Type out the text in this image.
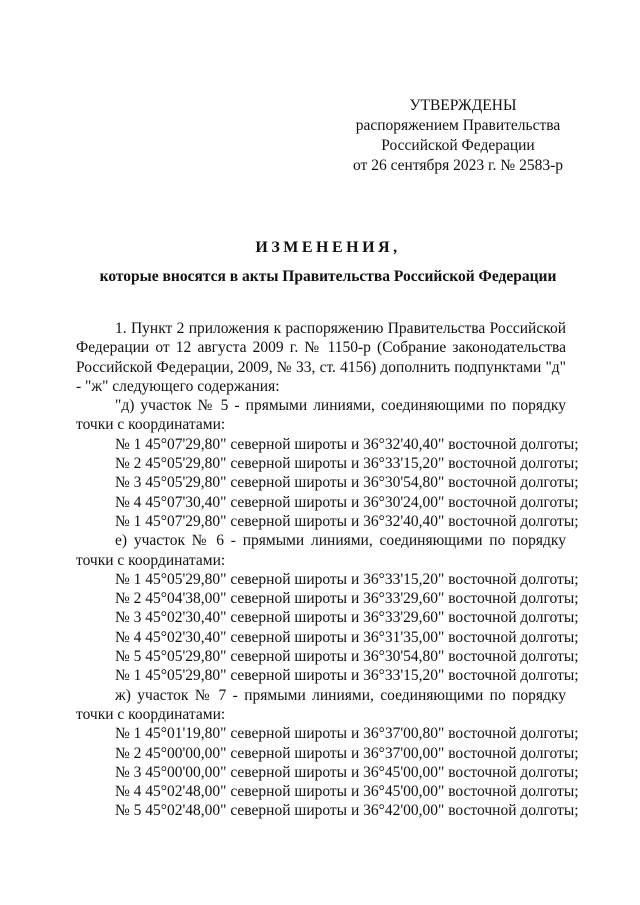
УТВЕРЖДЕНЫ
распоряжением Правительства
Российской Федерации
от 26 сентября 2023 г. № 2583-р
ИЗМЕНЕНИЯ,
которые вносятся в акты Правительства Российской Федерации

1. Пункт 2 приложения к распоряжению Правительства Российской Федерации от 12 августа 2009 г. № 1150-р (Собрание законодательства Российской Федерации, 2009, № 33, ст. 4156) дополнить подпунктами "д" - "ж" следующего содержания:

"д) участок № 5 - прямыми линиями, соединяющими по порядку точки с координатами:

№ 1 45°07'29,80" северной широты и 36°32'40,40" восточной долготы;

№ 2 45°05'29,80" северной широты и 36°33'15,20" восточной долготы;

№ 3 45°05'29,80" северной широты и 36°30'54,80" восточной долготы;

№ 4 45°07'30,40" северной широты и 36°30'24,00" восточной долготы;

№ 1 45°07'29,80" северной широты и 36°32'40,40" восточной долготы;

е) участок № 6 - прямыми линиями, соединяющими по порядку точки с координатами:

№ 1 45°05'29,80" северной широты и 36°33'15,20" восточной долготы;

№ 2 45°04'38,00" северной широты и 36°33'29,60" восточной долготы;

№ 3 45°02'30,40" северной широты и 36°33'29,60" восточной долготы;

№ 4 45°02'30,40" северной широты и 36°31'35,00" восточной долготы;

№ 5 45°05'29,80" северной широты и 36°30'54,80" восточной долготы;

№ 1 45°05'29,80" северной широты и 36°33'15,20" восточной долготы;

ж) участок № 7 - прямыми линиями, соединяющими по порядку точки с координатами:

№ 1 45°01'19,80" северной широты и 36°37'00,80" восточной долготы;

№ 2 45°00'00,00" северной широты и 36°37'00,00" восточной долготы;

№ 3 45°00'00,00" северной широты и 36°45'00,00" восточной долготы;

№ 4 45°02'48,00" северной широты и 36°45'00,00" восточной долготы;

№ 5 45°02'48,00" северной широты и 36°42'00,00" восточной долготы;
